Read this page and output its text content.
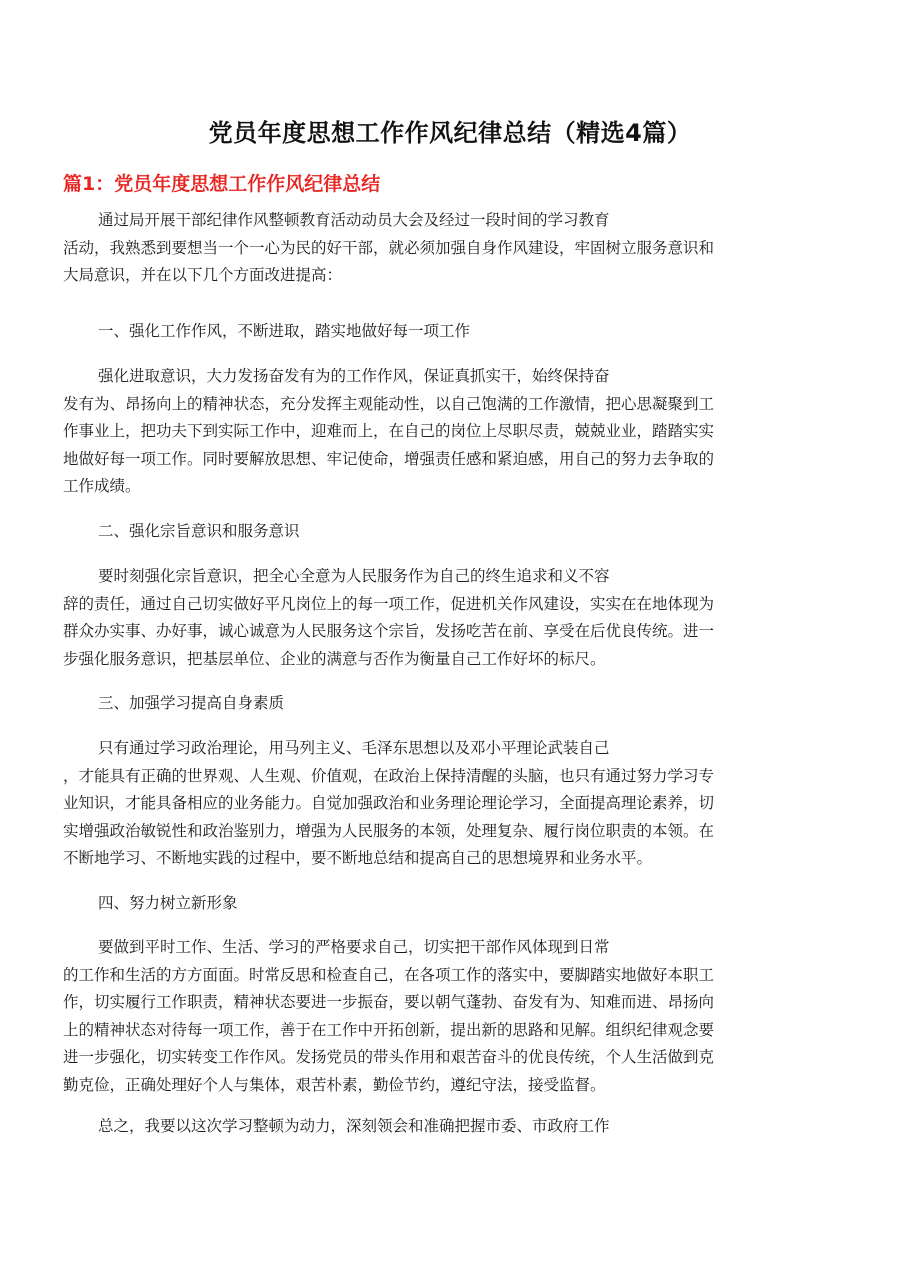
党员年度思想工作作风纪律总结（精选4篇）
篇1：党员年度思想工作作风纪律总结
通过局开展干部纪律作风整顿教育活动动员大会及经过一段时间的学习教育
活动，我熟悉到要想当一个一心为民的好干部，就必须加强自身作风建设，牢固树立服务意识和
大局意识，并在以下几个方面改进提高：
一、强化工作作风，不断进取，踏实地做好每一项工作
强化进取意识，大力发扬奋发有为的工作作风，保证真抓实干，始终保持奋
发有为、昂扬向上的精神状态，充分发挥主观能动性，以自己饱满的工作激情，把心思凝聚到工
作事业上，把功夫下到实际工作中，迎难而上，在自己的岗位上尽职尽责，兢兢业业，踏踏实实
地做好每一项工作。同时要解放思想、牢记使命，增强责任感和紧迫感，用自己的努力去争取的
工作成绩。
二、强化宗旨意识和服务意识
要时刻强化宗旨意识，把全心全意为人民服务作为自己的终生追求和义不容
辞的责任，通过自己切实做好平凡岗位上的每一项工作，促进机关作风建设，实实在在地体现为
群众办实事、办好事，诚心诚意为人民服务这个宗旨，发扬吃苦在前、享受在后优良传统。进一
步强化服务意识，把基层单位、企业的满意与否作为衡量自己工作好坏的标尺。
三、加强学习提高自身素质
只有通过学习政治理论，用马列主义、毛泽东思想以及邓小平理论武装自己
，才能具有正确的世界观、人生观、价值观，在政治上保持清醒的头脑，也只有通过努力学习专
业知识，才能具备相应的业务能力。自觉加强政治和业务理论理论学习，全面提高理论素养，切
实增强政治敏锐性和政治鉴别力，增强为人民服务的本领，处理复杂、履行岗位职责的本领。在
不断地学习、不断地实践的过程中，要不断地总结和提高自己的思想境界和业务水平。
四、努力树立新形象
要做到平时工作、生活、学习的严格要求自己，切实把干部作风体现到日常
的工作和生活的方方面面。时常反思和检查自己，在各项工作的落实中，要脚踏实地做好本职工
作，切实履行工作职责，精神状态要进一步振奋，要以朝气蓬勃、奋发有为、知难而进、昂扬向
上的精神状态对待每一项工作，善于在工作中开拓创新，提出新的思路和见解。组织纪律观念要
进一步强化，切实转变工作作风。发扬党员的带头作用和艰苦奋斗的优良传统，个人生活做到克
勤克俭，正确处理好个人与集体，艰苦朴素，勤俭节约，遵纪守法，接受监督。
总之，我要以这次学习整顿为动力，深刻领会和准确把握市委、市政府工作
